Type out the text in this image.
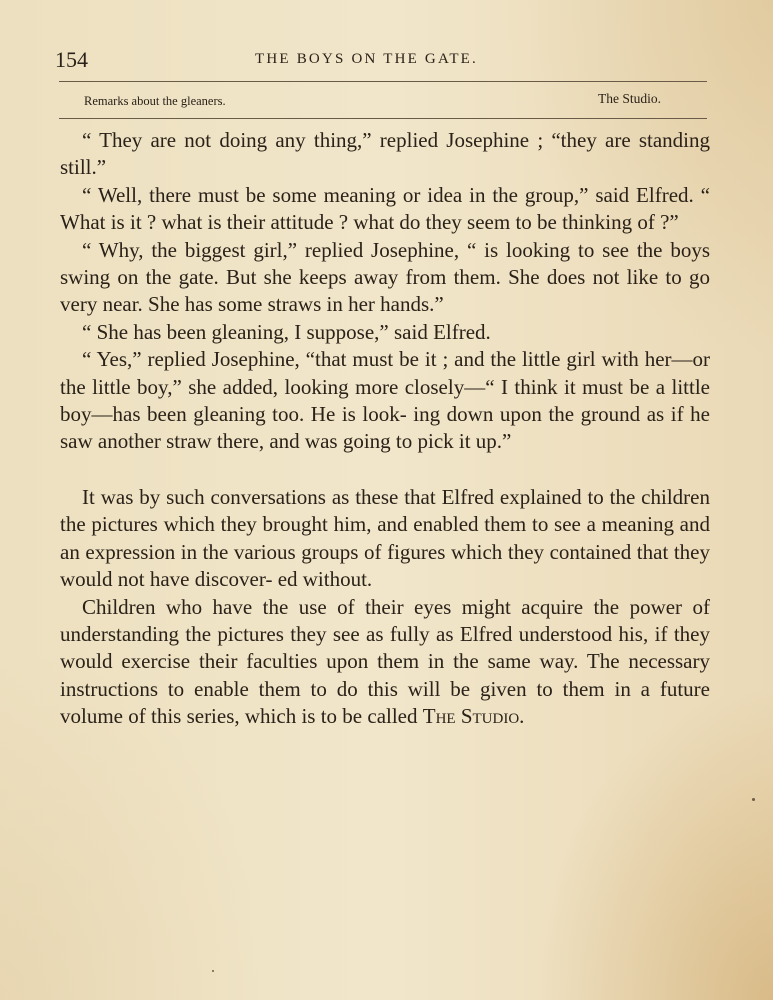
154	THE BOYS ON THE GATE.
Remarks about the gleaners.	The Studio.

“ They are not doing any thing,” replied Josephine ; “they are standing still.”

“ Well, there must be some meaning or idea in the group,” said Elfred. “ What is it ? what is their attitude ? what do they seem to be thinking of ?”

“ Why, the biggest girl,” replied Josephine, “ is looking to see the boys swing on the gate. But she keeps away from them. She does not like to go very near. She has some straws in her hands.”

“ She has been gleaning, I suppose,” said Elfred.

“ Yes,” replied Josephine, “that must be it ; and the little girl with her—or the little boy,” she added, looking more closely—“ I think it must be a little boy—has been gleaning too. He is look- ing down upon the ground as if he saw another straw there, and was going to pick it up.”

It was by such conversations as these that Elfred explained to the children the pictures which they brought him, and enabled them to see a meaning and an expression in the various groups of figures which they contained that they would not have discover- ed without.

Children who have the use of their eyes might acquire the power of understanding the pictures they see as fully as Elfred understood his, if they would exercise their faculties upon them in the same way. The necessary instructions to enable them to do this will be given to them in a future volume of this series, which is to be called The Studio.
